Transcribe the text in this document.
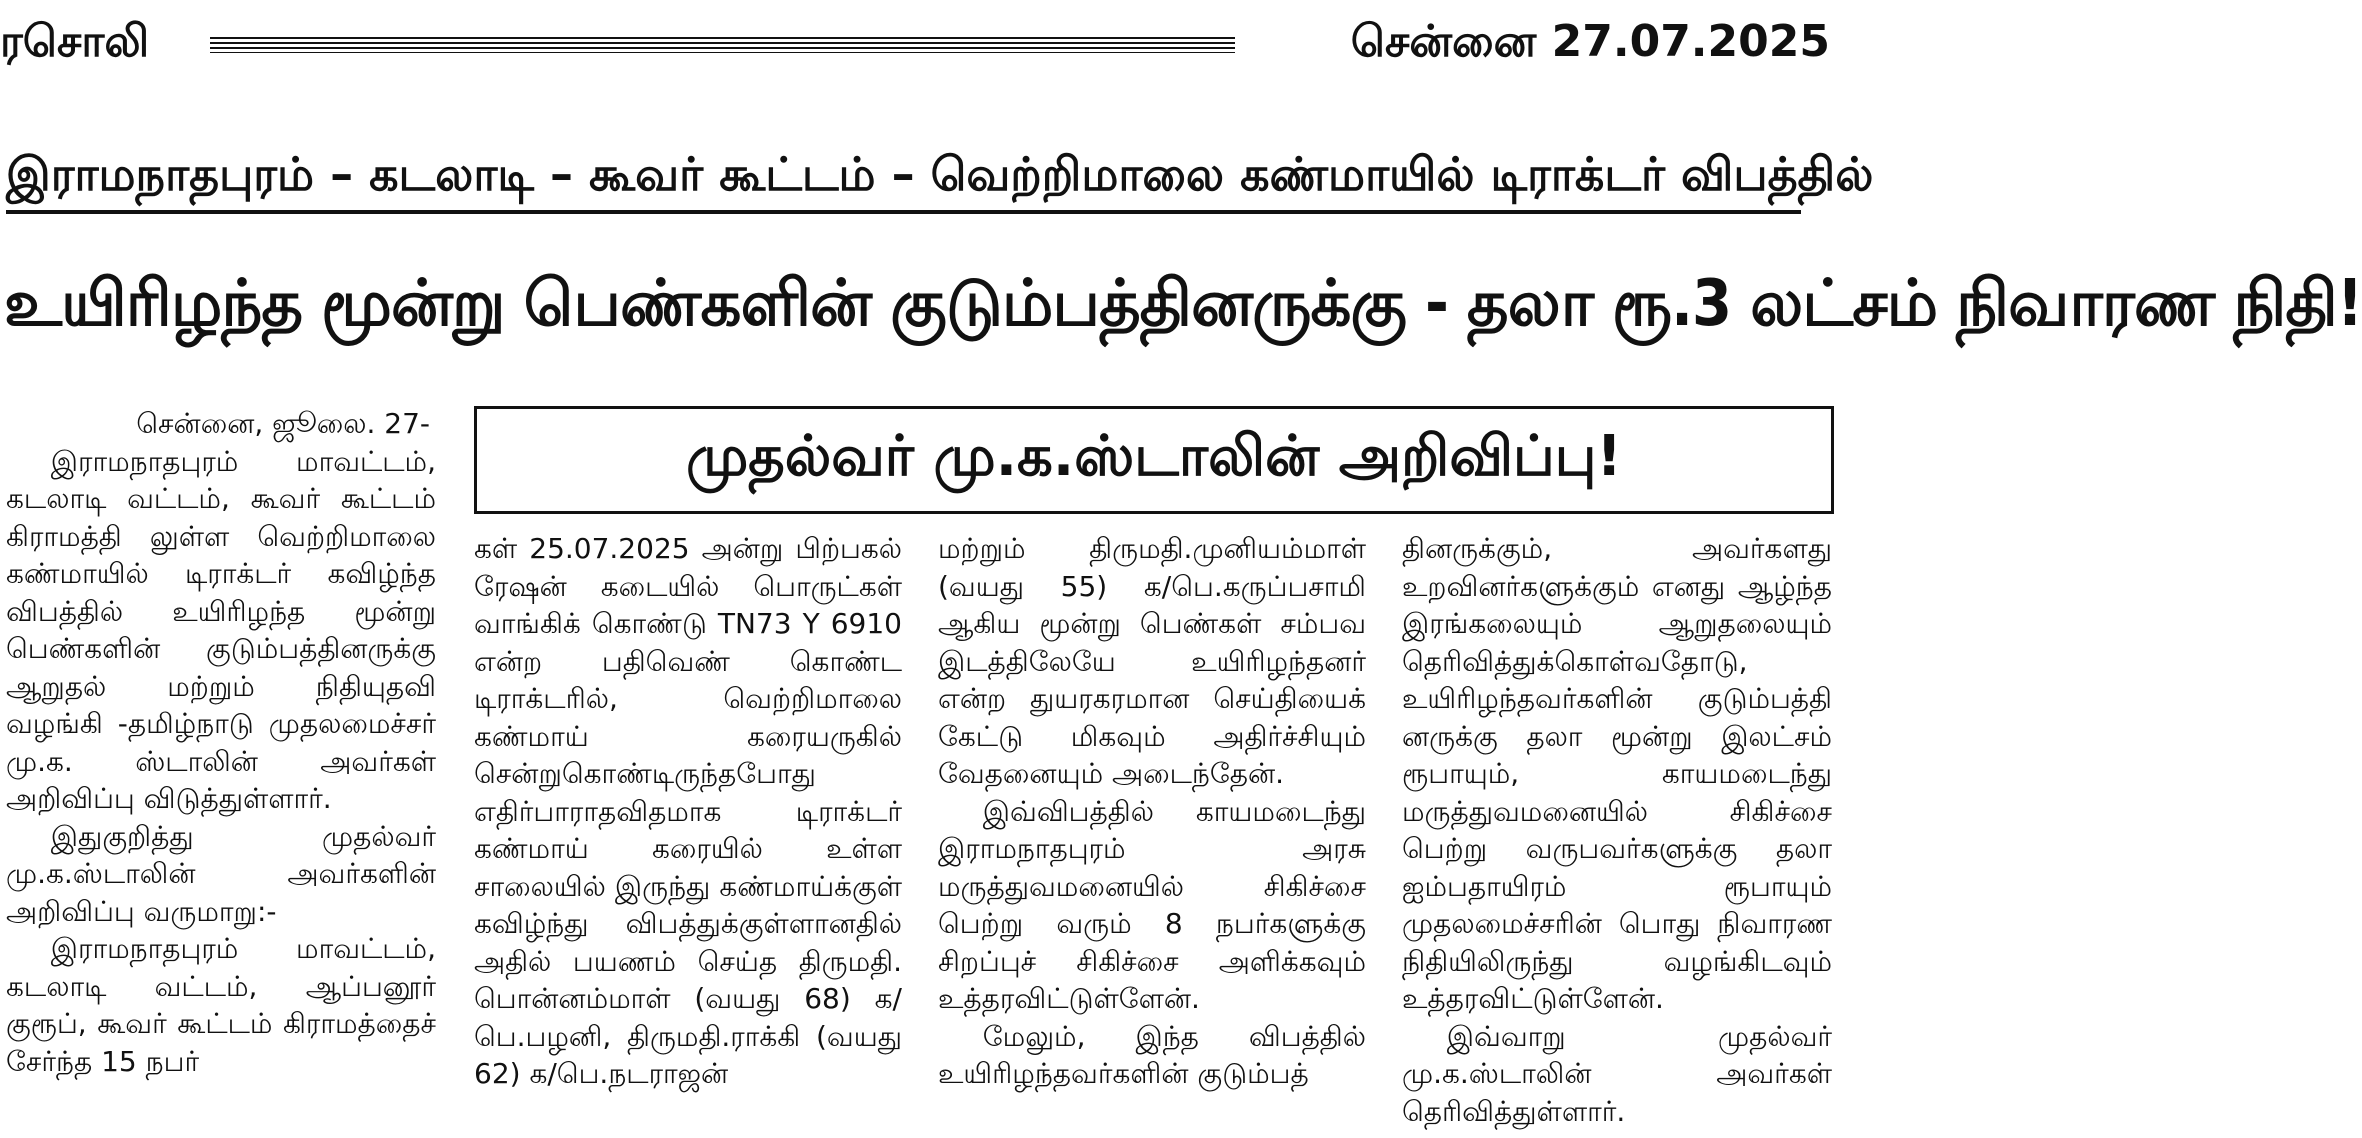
ரசொலி	சென்னை 27.07.2025
இராமநாதபுரம் – கடலாடி – கூவர் கூட்டம் – வெற்றிமாலை கண்மாயில் டிராக்டர் விபத்தில்
உயிரிழந்த மூன்று பெண்களின் குடும்பத்தினருக்கு - தலா ரூ.3 லட்சம் நிவாரண நிதி!
முதல்வர் மு.க.ஸ்டாலின் அறிவிப்பு!

சென்னை, ஜூலை. 27-

இராமநாதபுரம் மாவட்டம், கடலாடி வட்டம், கூவர் கூட்டம் கிராமத்தி லுள்ள வெற்றிமாலை கண்மாயில் டிராக்டர் கவிழ்ந்த விபத்தில் உயிரிழந்த மூன்று பெண்களின் குடும்பத்தினருக்கு ஆறுதல் மற்றும் நிதியுதவி வழங்கி -தமிழ்நாடு முதலமைச்சர் மு.க. ஸ்டாலின் அவர்கள் அறிவிப்பு விடுத்துள்ளார்.

இதுகுறித்து முதல்வர் மு.க.ஸ்டாலின் அவர்களின் அறிவிப்பு வருமாறு:-

இராமநாதபுரம் மாவட்டம், கடலாடி வட்டம், ஆப்பனூர் குரூப், கூவர் கூட்டம் கிராமத்தைச் சேர்ந்த 15 நபர்

கள் 25.07.2025 அன்று பிற்பகல் ரேஷன் கடையில் பொருட்கள் வாங்கிக் கொண்டு TN73 Y 6910 என்ற பதிவெண் கொண்ட டிராக்டரில், வெற்றிமாலை கண்மாய் கரையருகில் சென்றுகொண்டிருந்தபோது எதிர்பாராதவிதமாக டிராக்டர் கண்மாய் கரையில் உள்ள சாலையில் இருந்து கண்மாய்க்குள் கவிழ்ந்து விபத்துக்குள்ளானதில் அதில் பயணம் செய்த திருமதி. பொன்னம்மாள் (வயது 68) க/பெ.பழனி, திருமதி.ராக்கி (வயது 62) க/பெ.நடராஜன்

மற்றும் திருமதி.முனியம்மாள் (வயது 55) க/பெ.கருப்பசாமி ஆகிய மூன்று பெண்கள் சம்பவ இடத்திலேயே உயிரிழந்தனர் என்ற துயரகரமான செய்தியைக் கேட்டு மிகவும் அதிர்ச்சியும் வேதனையும் அடைந்தேன்.

இவ்விபத்தில் காயமடைந்து இராமநாதபுரம் அரசு மருத்துவமனையில் சிகிச்சை பெற்று வரும் 8 நபர்களுக்கு சிறப்புச் சிகிச்சை அளிக்கவும் உத்தரவிட்டுள்ளேன்.

மேலும், இந்த விபத்தில் உயிரிழந்தவர்களின் குடும்பத்

தினருக்கும், அவர்களது உறவினர்களுக்கும் எனது ஆழ்ந்த இரங்கலையும் ஆறுதலையும் தெரிவித்துக்கொள்வதோடு, உயிரிழந்தவர்களின் குடும்பத்தி னருக்கு தலா மூன்று இலட்சம் ரூபாயும், காயமடைந்து மருத்துவமனையில் சிகிச்சை பெற்று வருபவர்களுக்கு தலா ஐம்பதாயிரம் ரூபாயும் முதலமைச்சரின் பொது நிவாரண நிதியிலிருந்து வழங்கிடவும் உத்தரவிட்டுள்ளேன்.

இவ்வாறு முதல்வர் மு.க.ஸ்டாலின் அவர்கள் தெரிவித்துள்ளார்.
